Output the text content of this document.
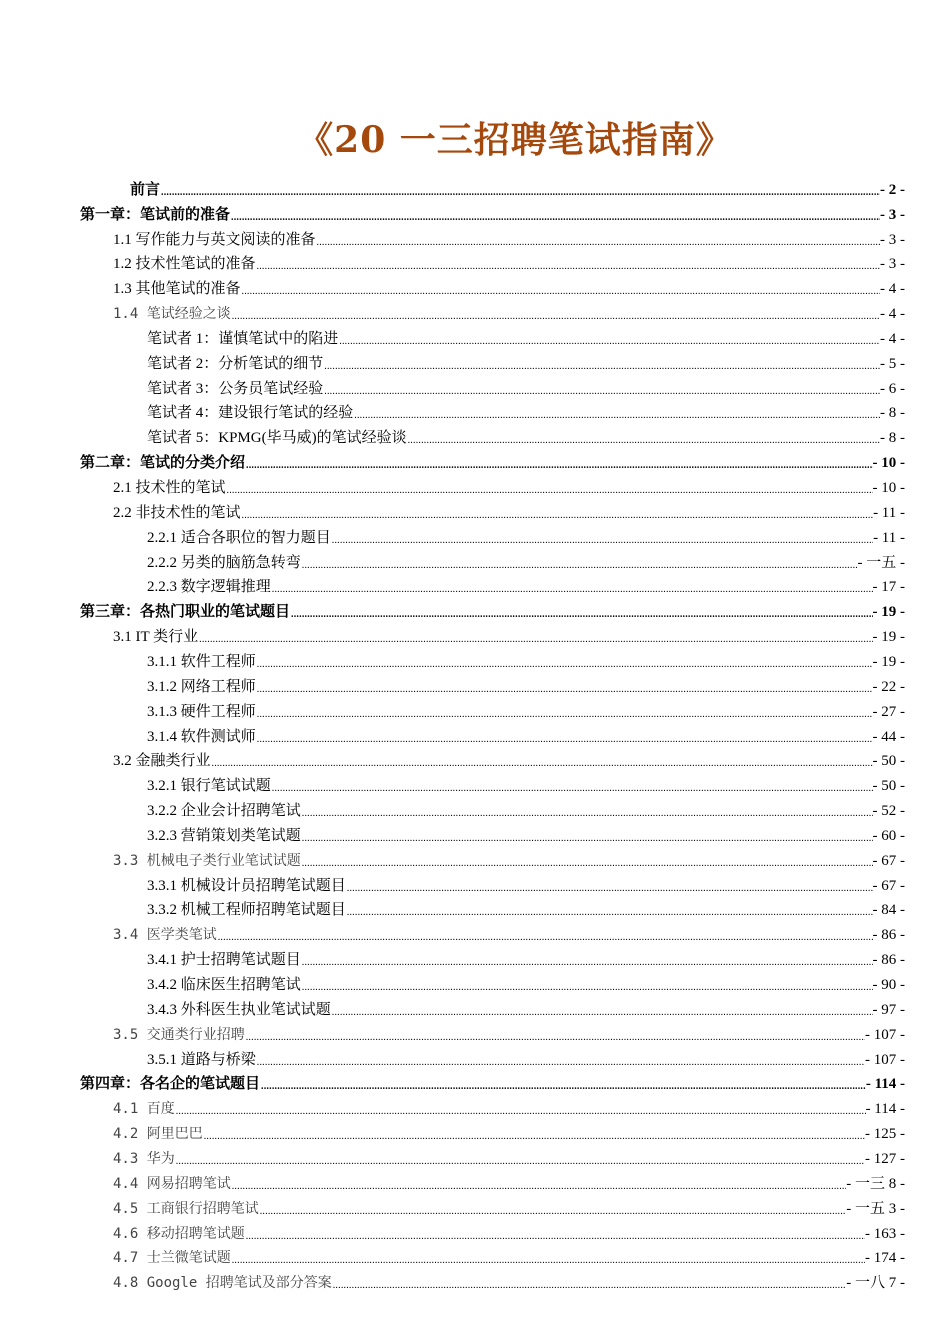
《20 一三招聘笔试指南》
前言 .....	- 2 -
第一章：笔试前的准备 .....	- 3 -
1.1 写作能力与英文阅读的准备 .....	- 3 -
1.2 技术性笔试的准备 .....	- 3 -
1.3 其他笔试的准备 .....	- 4 -
1.4 笔试经验之谈 .....	- 4 -
笔试者 1：谨慎笔试中的陷进 .....	- 4 -
笔试者 2：分析笔试的细节 .....	- 5 -
笔试者 3：公务员笔试经验 .....	- 6 -
笔试者 4：建设银行笔试的经验 .....	- 8 -
笔试者 5：KPMG(毕马威)的笔试经验谈 .....	- 8 -
第二章：笔试的分类介绍 .....	- 10 -
2.1 技术性的笔试 .....	- 10 -
2.2 非技术性的笔试 .....	- 11 -
2.2.1 适合各职位的智力题目 .....	- 11 -
2.2.2 另类的脑筋急转弯 .....	- 一五 -
2.2.3 数字逻辑推理 .....	- 17 -
第三章：各热门职业的笔试题目 .....	- 19 -
3.1 IT 类行业 .....	- 19 -
3.1.1 软件工程师 .....	- 19 -
3.1.2 网络工程师 .....	- 22 -
3.1.3 硬件工程师 .....	- 27 -
3.1.4 软件测试师 .....	- 44 -
3.2 金融类行业 .....	- 50 -
3.2.1 银行笔试试题 .....	- 50 -
3.2.2 企业会计招聘笔试 .....	- 52 -
3.2.3 营销策划类笔试题 .....	- 60 -
3.3 机械电子类行业笔试试题 .....	- 67 -
3.3.1 机械设计员招聘笔试题目 .....	- 67 -
3.3.2 机械工程师招聘笔试题目 .....	- 84 -
3.4 医学类笔试 .....	- 86 -
3.4.1 护士招聘笔试题目 .....	- 86 -
3.4.2 临床医生招聘笔试 .....	- 90 -
3.4.3 外科医生执业笔试试题 .....	- 97 -
3.5 交通类行业招聘 .....	- 107 -
3.5.1 道路与桥梁 .....	- 107 -
第四章：各名企的笔试题目 .....	- 114 -
4.1 百度 .....	- 114 -
4.2 阿里巴巴 .....	- 125 -
4.3 华为 .....	- 127 -
4.4 网易招聘笔试 .....	- 一三 8 -
4.5 工商银行招聘笔试 .....	- 一五 3 -
4.6 移动招聘笔试题 .....	- 163 -
4.7 士兰微笔试题 .....	- 174 -
4.8 Google 招聘笔试及部分答案 .....	- 一八 7 -
